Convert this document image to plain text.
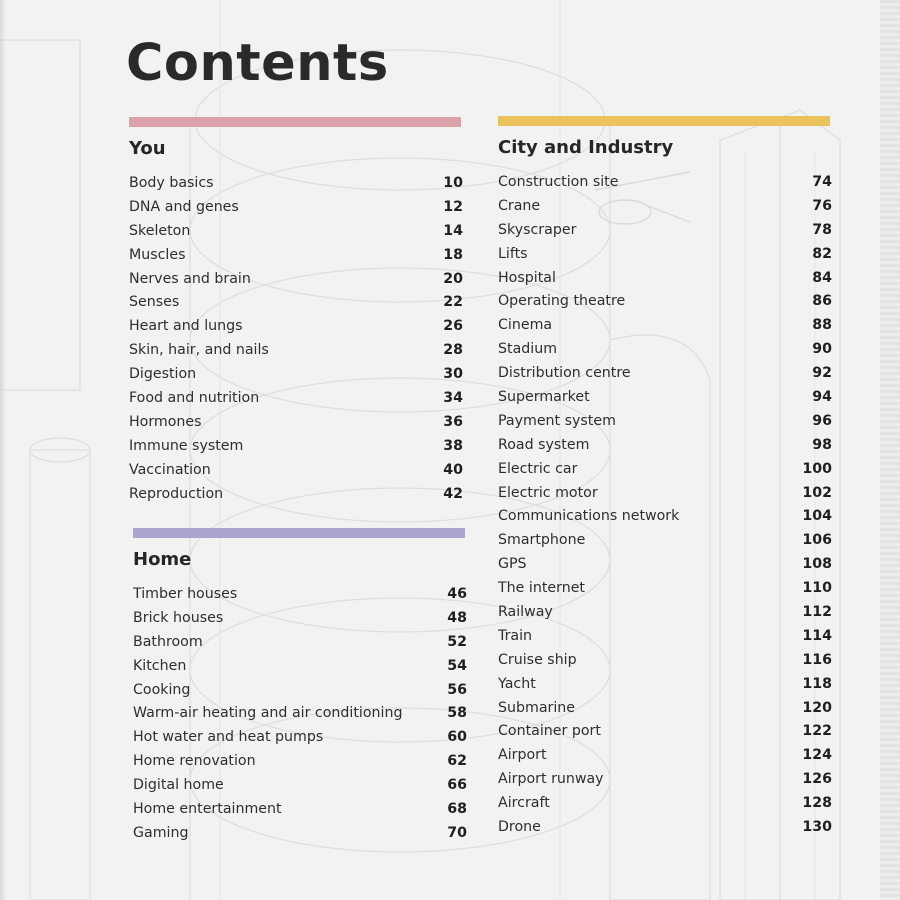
Contents
You
Body basics	10
DNA and genes	12
Skeleton	14
Muscles	18
Nerves and brain	20
Senses	22
Heart and lungs	26
Skin, hair, and nails	28
Digestion	30
Food and nutrition	34
Hormones	36
Immune system	38
Vaccination	40
Reproduction	42
Home
Timber houses	46
Brick houses	48
Bathroom	52
Kitchen	54
Cooking	56
Warm-air heating and air conditioning	58
Hot water and heat pumps	60
Home renovation	62
Digital home	66
Home entertainment	68
Gaming	70
City and Industry
Construction site	74
Crane	76
Skyscraper	78
Lifts	82
Hospital	84
Operating theatre	86
Cinema	88
Stadium	90
Distribution centre	92
Supermarket	94
Payment system	96
Road system	98
Electric car	100
Electric motor	102
Communications network	104
Smartphone	106
GPS	108
The internet	110
Railway	112
Train	114
Cruise ship	116
Yacht	118
Submarine	120
Container port	122
Airport	124
Airport runway	126
Aircraft	128
Drone	130
